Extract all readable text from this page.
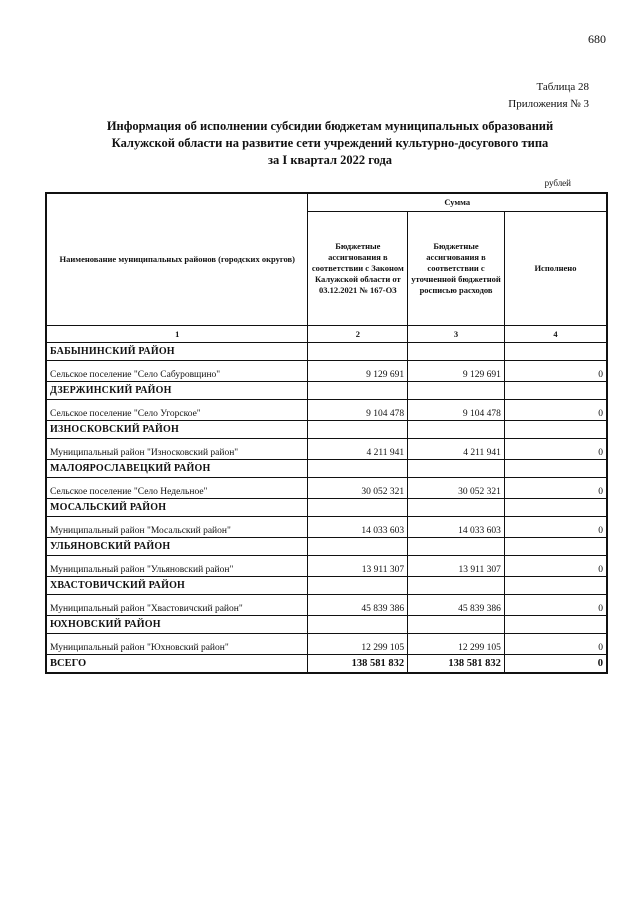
680
Таблица 28
Приложения № 3
Информация об исполнении субсидии бюджетам муниципальных образований
Калужской области на развитие сети учреждений культурно-досугового типа
за I квартал 2022 года
рублей
Наименование муниципальных районов (городских округов)	Сумма		
	Бюджетные ассигнования в соответствии с Законом Калужской области от 03.12.2021 № 167-ОЗ	Бюджетные ассигнования в соответствии с уточненной бюджетной росписью расходов	Исполнено
1	2	3	4
БАБЫНИНСКИЙ РАЙОН			
Сельское поселение "Село Сабуровщино"	9 129 691	9 129 691	0
ДЗЕРЖИНСКИЙ РАЙОН			
Сельское поселение "Село Угорское"	9 104 478	9 104 478	0
ИЗНОСКОВСКИЙ РАЙОН			
Муниципальный район "Износковский район"	4 211 941	4 211 941	0
МАЛОЯРОСЛАВЕЦКИЙ РАЙОН			
Сельское поселение "Село Недельное"	30 052 321	30 052 321	0
МОСАЛЬСКИЙ РАЙОН			
Муниципальный район "Мосальский район"	14 033 603	14 033 603	0
УЛЬЯНОВСКИЙ РАЙОН			
Муниципальный район "Ульяновский район"	13 911 307	13 911 307	0
ХВАСТОВИЧСКИЙ РАЙОН			
Муниципальный район "Хвастовичский район"	45 839 386	45 839 386	0
ЮХНОВСКИЙ РАЙОН			
Муниципальный район "Юхновский район"	12 299 105	12 299 105	0
ВСЕГО	138 581 832	138 581 832	0
